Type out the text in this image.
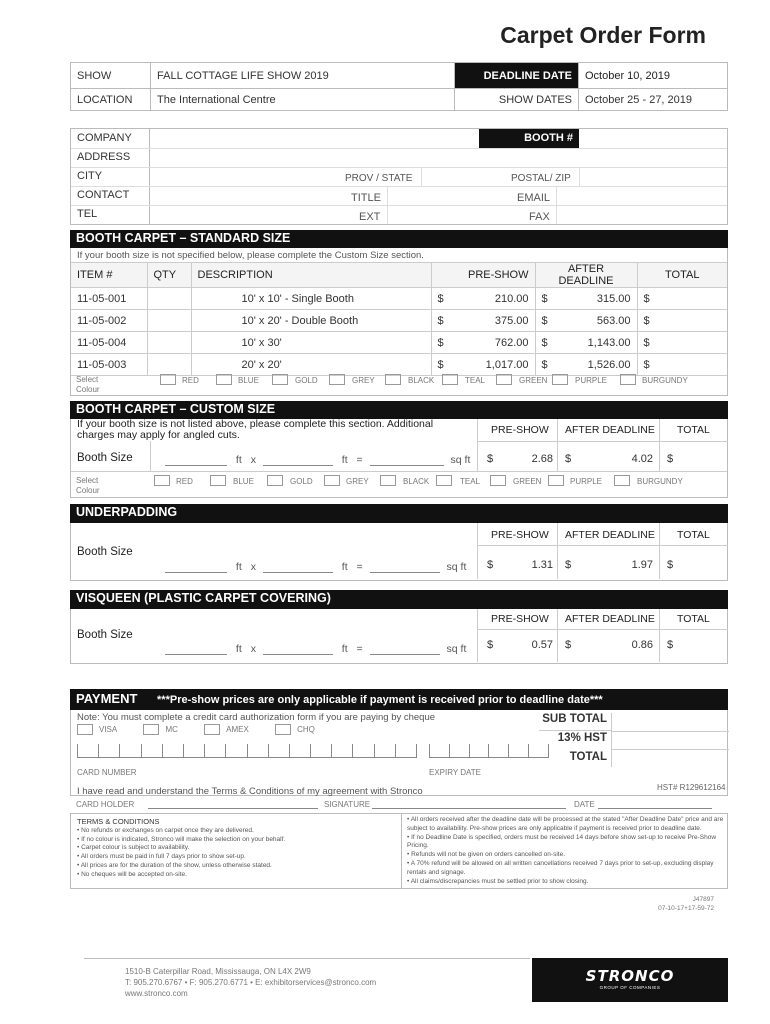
Carpet Order Form
SHOW	FALL COTTAGE LIFE SHOW 2019	DEADLINE DATE	October 10, 2019
LOCATION	The International Centre	SHOW DATES	October 25 - 27, 2019
COMPANY	BOOTH #
ADDRESS
CITY	PROV / STATE	POSTAL/ ZIP
CONTACT	TITLE	EMAIL
TEL	EXT	FAX
BOOTH CARPET – STANDARD SIZE
If your booth size is not specified below, please complete the Custom Size section.
ITEM #	QTY	DESCRIPTION	PRE-SHOW	AFTER DEADLINE	TOTAL
11-05-001		10' x 10' - Single Booth	$ 210.00	$ 315.00	$
11-05-002		10' x 20' - Double Booth	$ 375.00	$ 563.00	$
11-05-004		10' x 30'	$ 762.00	$ 1,143.00	$
11-05-003		20' x 20'	$ 1,017.00	$ 1,526.00	$
Select
Colour
RED	BLUE	GOLD	GREY	BLACK	TEAL	GREEN	PURPLE	BURGUNDY
BOOTH CARPET – CUSTOM SIZE
If your booth size is not listed above, please complete this section. Additional charges may apply for angled cuts.	PRE-SHOW AFTER DEADLINE TOTAL
Booth Size	ft x	ft =	sq ft $	2.68 $	4.02 $
Select
Colour
RED	BLUE	GOLD	GREY	BLACK	TEAL	GREEN	PURPLE	BURGUNDY
UNDERPADDING
PRE-SHOW AFTER DEADLINE TOTAL
Booth Size
ft x	ft =	sq ft $	1.31 $	1.97 $
VISQUEEN (PLASTIC CARPET COVERING)
PRE-SHOW AFTER DEADLINE TOTAL
Booth Size
ft x	ft =	sq ft $	0.57 $	0.86 $
PAYMENT ***Pre-show prices are only applicable if payment is received prior to deadline date***
Note: You must complete a credit card authorization form if you are paying by cheque
VISA	MC	AMEX	CHQ
CARD NUMBER	EXPIRY DATE
SUB TOTAL
13% HST
TOTAL
I have read and understand the Terms & Conditions of my agreement with Stronco	HST# R129612164
CARD HOLDER	SIGNATURE	DATE
TERMS & CONDITIONS
• No refunds or exchanges on carpet once they are delivered.
• If no colour is indicated, Stronco will make the selection on your behalf.
• Carpet colour is subject to availability.
• All orders must be paid in full 7 days prior to show set-up.
• All prices are for the duration of the show, unless otherwise stated.
• No cheques will be accepted on-site.
• All orders received after the deadline date will be processed at the stated "After Deadline Date" price and are
subject to availability. Pre-show prices are only applicable if payment is received prior to deadline date.
• If no Deadline Date is specified, orders must be received 14 days before show set-up to receive Pre-Show
Pricing.
• Refunds will not be given on orders cancelled on-site.
• A 70% refund will be allowed on all written cancellations received 7 days prior to set-up, excluding display
rentals and signage.
• All claims/discrepancies must be settled prior to show closing.
J47897
07-10-17+17-59-72
1510-B Caterpillar Road, Mississauga, ON L4X 2W9
T: 905.270.6767 • F: 905.270.6771 • E: exhibitorservices@stronco.com
www.stronco.com
STRONCO
GROUP OF COMPANIES
